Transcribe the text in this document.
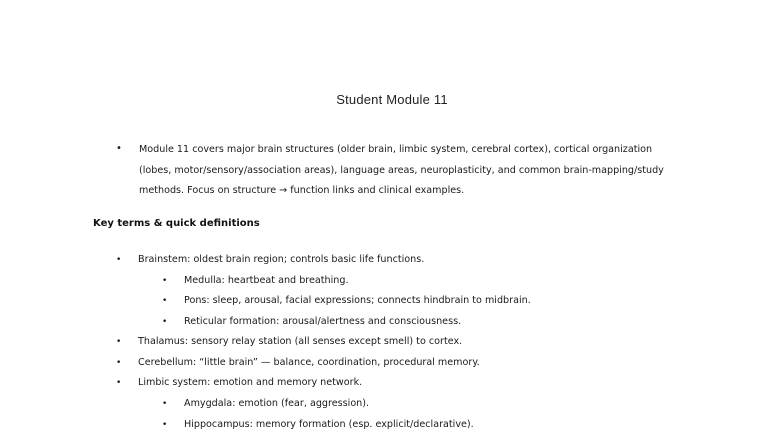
Student Module 11
• Module 11 covers major brain structures (older brain, limbic system, cerebral cortex), cortical organization
(lobes, motor/sensory/association areas), language areas, neuroplasticity, and common brain-mapping/study
methods. Focus on structure → function links and clinical examples.
Key terms & quick definitions
• Brainstem: oldest brain region; controls basic life functions.
• Medulla: heartbeat and breathing.
• Pons: sleep, arousal, facial expressions; connects hindbrain to midbrain.
• Reticular formation: arousal/alertness and consciousness.
• Thalamus: sensory relay station (all senses except smell) to cortex.
• Cerebellum: “little brain” — balance, coordination, procedural memory.
• Limbic system: emotion and memory network.
• Amygdala: emotion (fear, aggression).
• Hippocampus: memory formation (esp. explicit/declarative).
